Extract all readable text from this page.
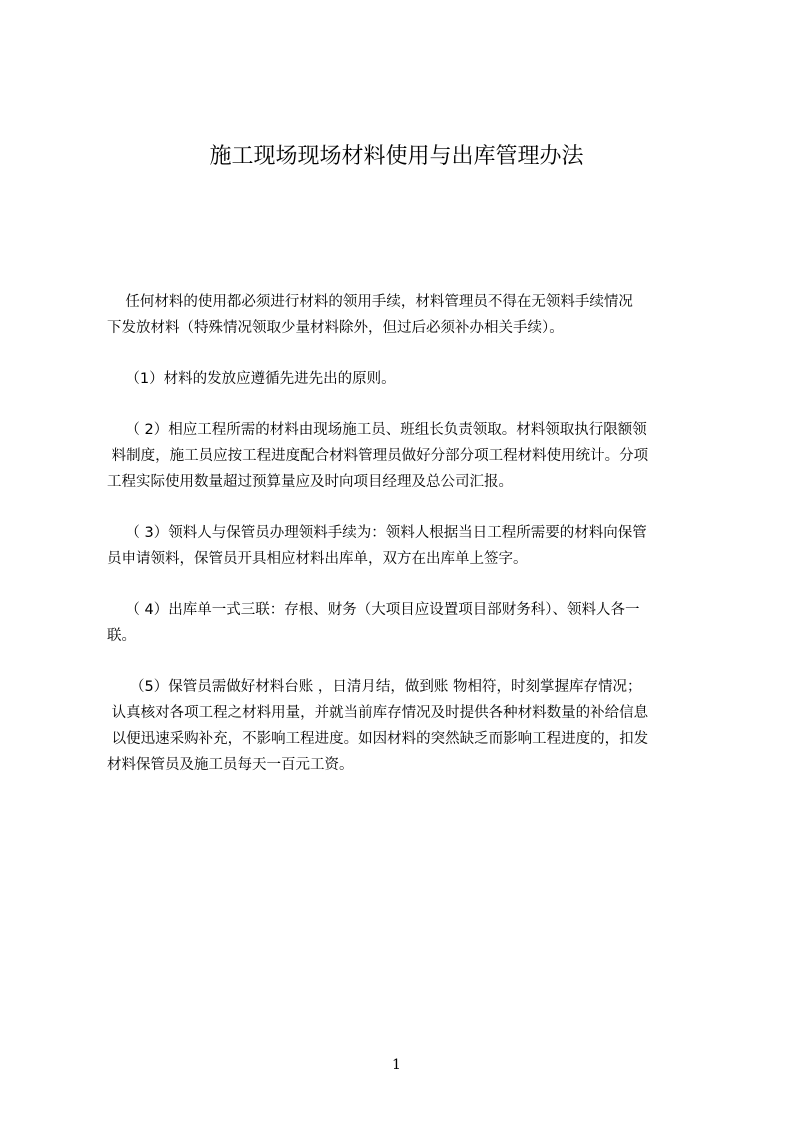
施工现场现场材料使用与出库管理办法

任何材料的使用都必须进行材料的领用手续，材料管理员不得在无领料手续情况
下发放材料（特殊情况领取少量材料除外，但过后必须补办相关手续）。

（1）材料的发放应遵循先进先出的原则。

（ 2）相应工程所需的材料由现场施工员、班组长负责领取。材料领取执行限额领
料制度，施工员应按工程进度配合材料管理员做好分部分项工程材料使用统计。分项
工程实际使用数量超过预算量应及时向项目经理及总公司汇报。

（ 3）领料人与保管员办理领料手续为：领料人根据当日工程所需要的材料向保管
员申请领料，保管员开具相应材料出库单，双方在出库单上签字。

（ 4）出库单一式三联：存根、财务（大项目应设置项目部财务科）、领料人各一
联。

（5）保管员需做好材料台账 ，日清月结，做到账 物相符，时刻掌握库存情况；
认真核对各项工程之材料用量，并就当前库存情况及时提供各种材料数量的补给信息
以便迅速采购补充，不影响工程进度。如因材料的突然缺乏而影响工程进度的，扣发
材料保管员及施工员每天一百元工资。

1
